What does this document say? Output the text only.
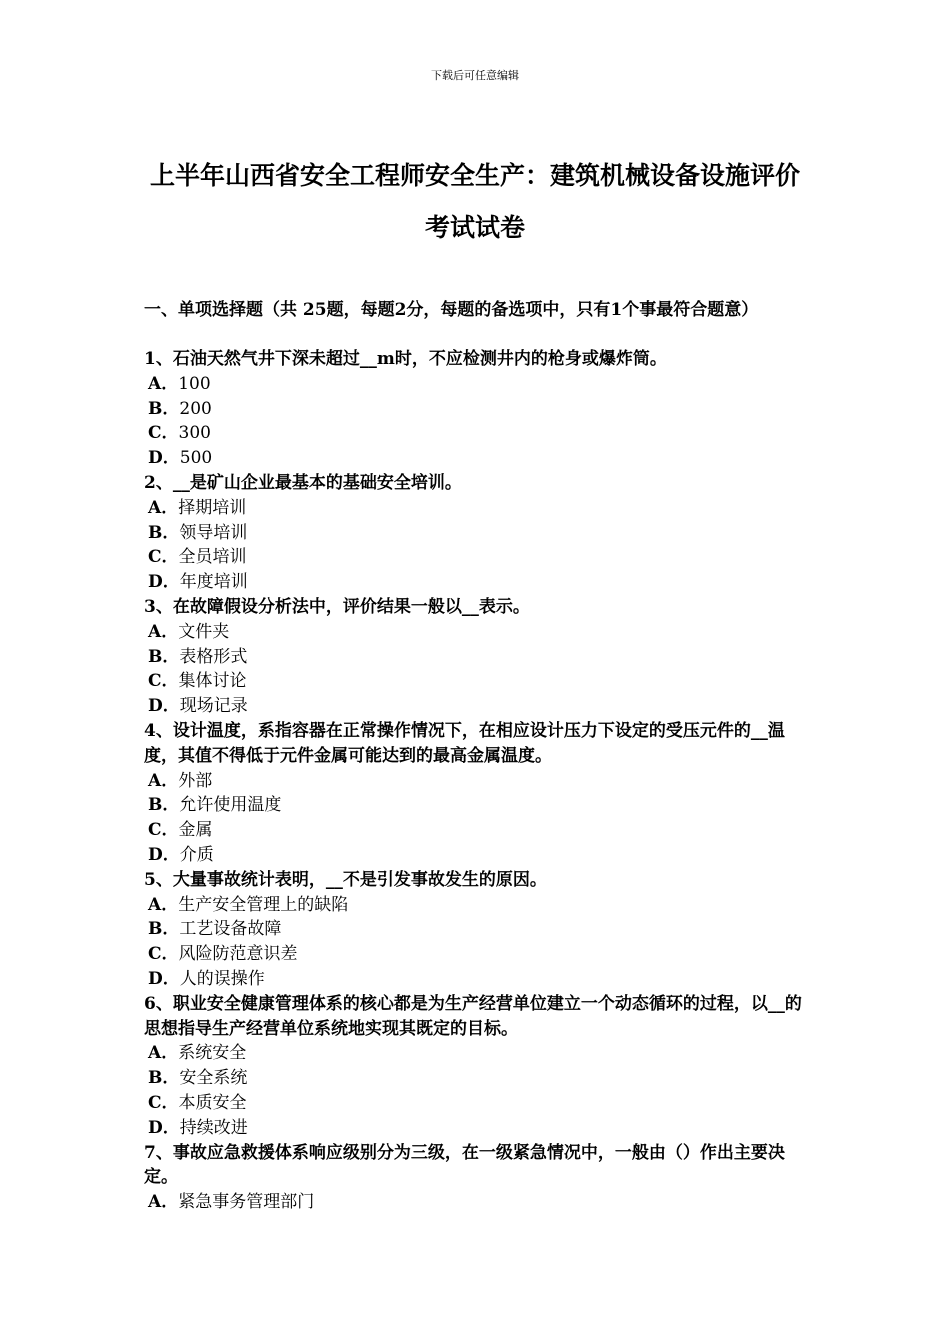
下载后可任意编辑
上半年山西省安全工程师安全生产：建筑机械设备设施评价考试试卷

一、单项选择题（共 25题，每题2分，每题的备选项中，只有1个事最符合题意）

1、石油天然气井下深未超过__m时，不应检测井内的枪身或爆炸筒。

A．100
B．200
C．300
D．500

2、__是矿山企业最基本的基础安全培训。

A．择期培训
B．领导培训
C．全员培训
D．年度培训

3、在故障假设分析法中，评价结果一般以__表示。

A．文件夹
B．表格形式
C．集体讨论
D．现场记录

4、设计温度，系指容器在正常操作情况下，在相应设计压力下设定的受压元件的__温度，其值不得低于元件金属可能达到的最高金属温度。

A．外部
B．允许使用温度
C．金属
D．介质

5、大量事故统计表明，__不是引发事故发生的原因。

A．生产安全管理上的缺陷
B．工艺设备故障
C．风险防范意识差
D．人的误操作

6、职业安全健康管理体系的核心都是为生产经营单位建立一个动态循环的过程，以__的思想指导生产经营单位系统地实现其既定的目标。

A．系统安全
B．安全系统
C．本质安全
D．持续改进

7、事故应急救援体系响应级别分为三级，在一级紧急情况中，一般由（）作出主要决定。

A．紧急事务管理部门
